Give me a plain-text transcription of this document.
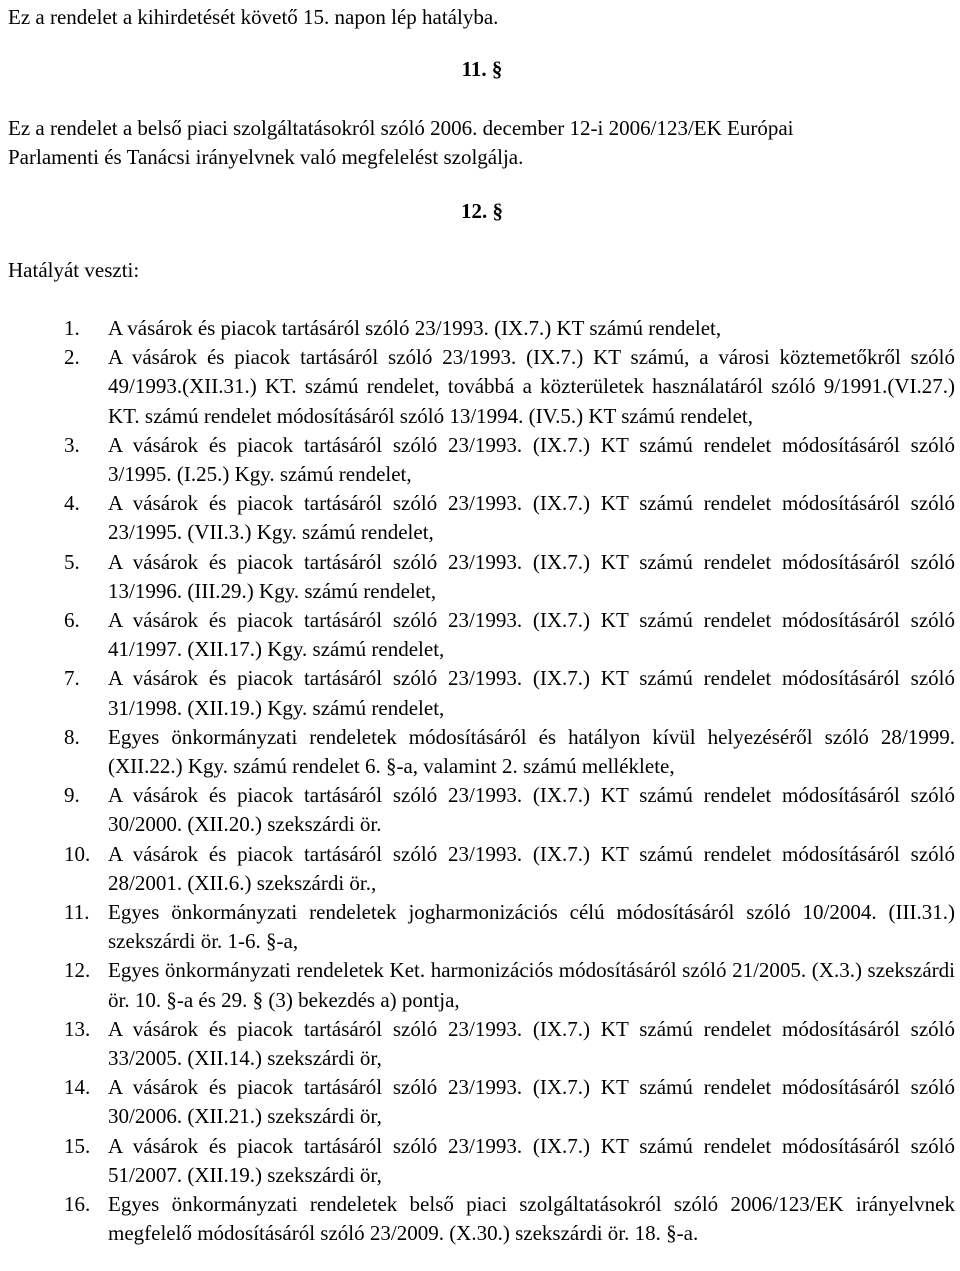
Ez a rendelet a kihirdetését követő 15. napon lép hatályba.
11. §
Ez a rendelet a belső piaci szolgáltatásokról szóló 2006. december 12-i 2006/123/EK Európai
Parlamenti és Tanácsi irányelvnek való megfelelést szolgálja.
12. §
Hatályát veszti:
1. A vásárok és piacok tartásáról szóló 23/1993. (IX.7.) KT számú rendelet,
2. A vásárok és piacok tartásáról szóló 23/1993. (IX.7.) KT számú, a városi köztemetőkről szóló 49/1993.(XII.31.) KT. számú rendelet, továbbá a közterületek használatáról szóló 9/1991.(VI.27.) KT. számú rendelet módosításáról szóló 13/1994. (IV.5.) KT számú rendelet,
3. A vásárok és piacok tartásáról szóló 23/1993. (IX.7.) KT számú rendelet módosításáról szóló 3/1995. (I.25.) Kgy. számú rendelet,
4. A vásárok és piacok tartásáról szóló 23/1993. (IX.7.) KT számú rendelet módosításáról szóló 23/1995. (VII.3.) Kgy. számú rendelet,
5. A vásárok és piacok tartásáról szóló 23/1993. (IX.7.) KT számú rendelet módosításáról szóló 13/1996. (III.29.) Kgy. számú rendelet,
6. A vásárok és piacok tartásáról szóló 23/1993. (IX.7.) KT számú rendelet módosításáról szóló 41/1997. (XII.17.) Kgy. számú rendelet,
7. A vásárok és piacok tartásáról szóló 23/1993. (IX.7.) KT számú rendelet módosításáról szóló 31/1998. (XII.19.) Kgy. számú rendelet,
8. Egyes önkormányzati rendeletek módosításáról és hatályon kívül helyezéséről szóló 28/1999. (XII.22.) Kgy. számú rendelet 6. §-a, valamint 2. számú melléklete,
9. A vásárok és piacok tartásáról szóló 23/1993. (IX.7.) KT számú rendelet módosításáról szóló 30/2000. (XII.20.) szekszárdi ör.
10. A vásárok és piacok tartásáról szóló 23/1993. (IX.7.) KT számú rendelet módosításáról szóló 28/2001. (XII.6.) szekszárdi ör.,
11. Egyes önkormányzati rendeletek jogharmonizációs célú módosításáról szóló 10/2004. (III.31.) szekszárdi ör. 1-6. §-a,
12. Egyes önkormányzati rendeletek Ket. harmonizációs módosításáról szóló 21/2005. (X.3.) szekszárdi ör. 10. §-a és 29. § (3) bekezdés a) pontja,
13. A vásárok és piacok tartásáról szóló 23/1993. (IX.7.) KT számú rendelet módosításáról szóló 33/2005. (XII.14.) szekszárdi ör,
14. A vásárok és piacok tartásáról szóló 23/1993. (IX.7.) KT számú rendelet módosításáról szóló 30/2006. (XII.21.) szekszárdi ör,
15. A vásárok és piacok tartásáról szóló 23/1993. (IX.7.) KT számú rendelet módosításáról szóló 51/2007. (XII.19.) szekszárdi ör,
16. Egyes önkormányzati rendeletek belső piaci szolgáltatásokról szóló 2006/123/EK irányelvnek megfelelő módosításáról szóló 23/2009. (X.30.) szekszárdi ör. 18. §-a.
